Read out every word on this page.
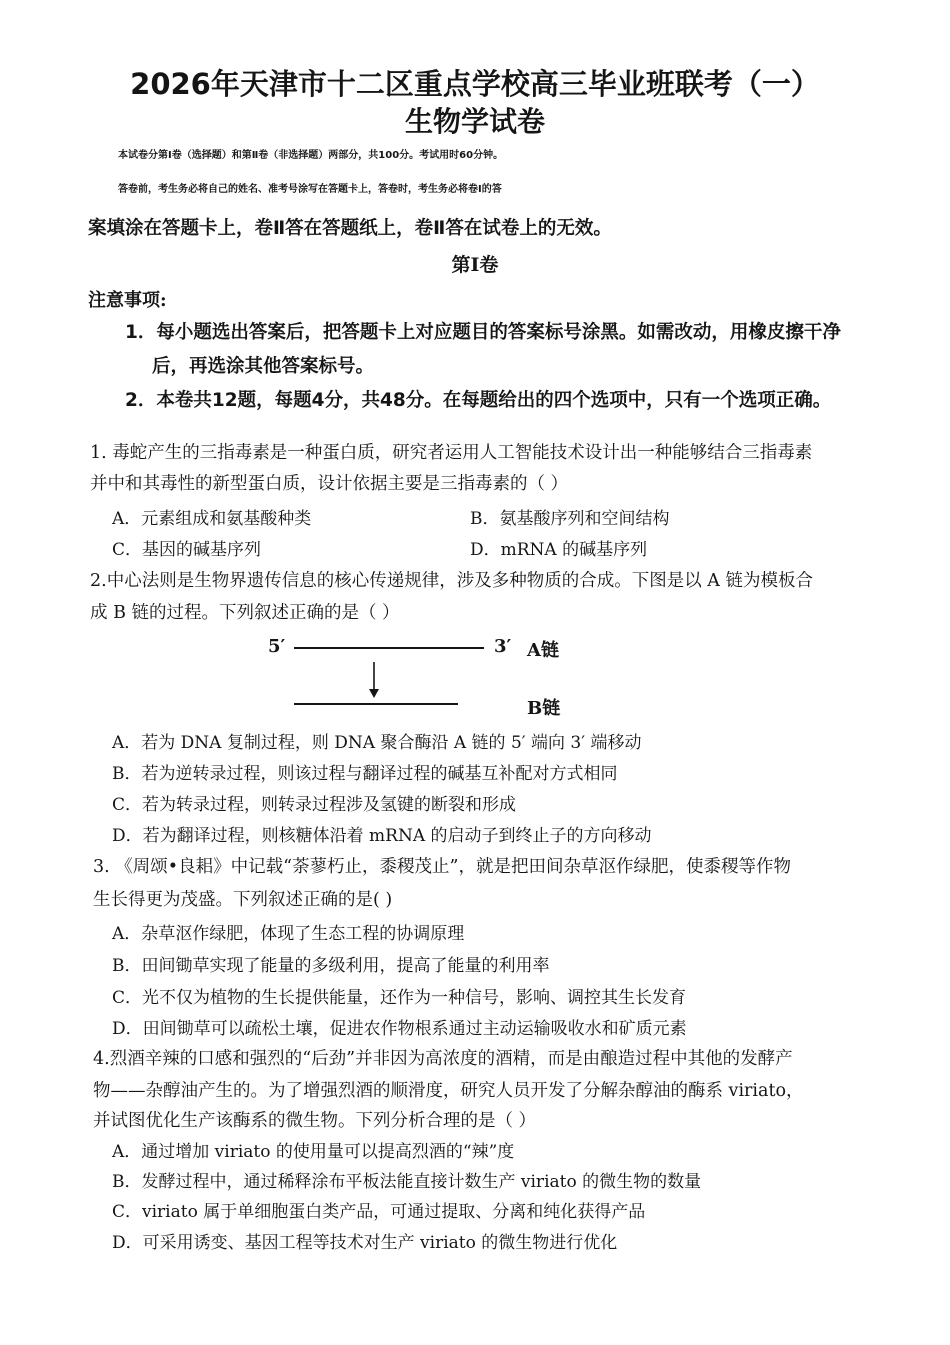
2026年天津市十二区重点学校高三毕业班联考（一）
生物学试卷
本试卷分第Ⅰ卷（选择题）和第Ⅱ卷（非选择题）两部分，共100分。考试用时60分钟。
答卷前，考生务必将自己的姓名、准考号涂写在答题卡上，答卷时，考生务必将卷Ⅰ的答
案填涂在答题卡上，卷Ⅱ答在答题纸上，卷Ⅱ答在试卷上的无效。
第Ⅰ卷
注意事项:
1．每小题选出答案后，把答题卡上对应题目的答案标号涂黑。如需改动，用橡皮擦干净
后，再选涂其他答案标号。
2．本卷共12题，每题4分，共48分。在每题给出的四个选项中，只有一个选项正确。
1. 毒蛇产生的三指毒素是一种蛋白质，研究者运用人工智能技术设计出一种能够结合三指毒素
并中和其毒性的新型蛋白质，设计依据主要是三指毒素的（ ）
A．元素组成和氨基酸种类	B．氨基酸序列和空间结构
C．基因的碱基序列	D．mRNA 的碱基序列
2.中心法则是生物界遗传信息的核心传递规律，涉及多种物质的合成。下图是以 A 链为模板合
成 B 链的过程。下列叙述正确的是（ ）
5′	3′ A链
B链
A．若为 DNA 复制过程，则 DNA 聚合酶沿 A 链的 5′ 端向 3′ 端移动
B．若为逆转录过程，则该过程与翻译过程的碱基互补配对方式相同
C．若为转录过程，则转录过程涉及氢键的断裂和形成
D．若为翻译过程，则核糖体沿着 mRNA 的启动子到终止子的方向移动
3. 《周颂•良耜》中记载“荼蓼朽止，黍稷茂止”，就是把田间杂草沤作绿肥，使黍稷等作物
生长得更为茂盛。下列叙述正确的是( )
A．杂草沤作绿肥，体现了生态工程的协调原理
B．田间锄草实现了能量的多级利用，提高了能量的利用率
C．光不仅为植物的生长提供能量，还作为一种信号，影响、调控其生长发育
D．田间锄草可以疏松土壤，促进农作物根系通过主动运输吸收水和矿质元素
4.烈酒辛辣的口感和强烈的“后劲”并非因为高浓度的酒精，而是由酿造过程中其他的发酵产
物——杂醇油产生的。为了增强烈酒的顺滑度，研究人员开发了分解杂醇油的酶系 viriato，
并试图优化生产该酶系的微生物。下列分析合理的是（ ）
A．通过增加 viriato 的使用量可以提高烈酒的“辣”度
B．发酵过程中，通过稀释涂布平板法能直接计数生产 viriato 的微生物的数量
C．viriato 属于单细胞蛋白类产品，可通过提取、分离和纯化获得产品
D．可采用诱变、基因工程等技术对生产 viriato 的微生物进行优化
